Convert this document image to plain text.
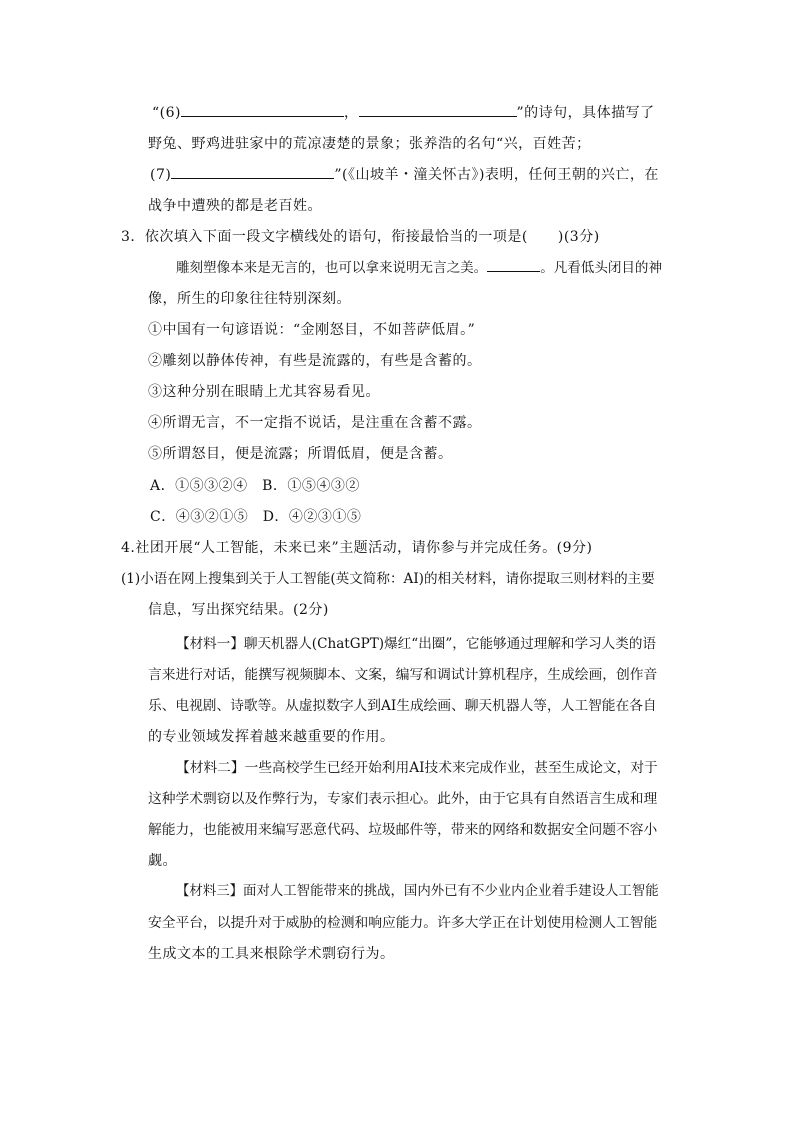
“(6)	，	”的诗句，具体描写了
野兔、野鸡进驻家中的荒凉凄楚的景象；张养浩的名句“兴，百姓苦；
(7)	”(《山坡羊・潼关怀古》)表明，任何王朝的兴亡，在
战争中遭殃的都是老百姓。
3．依次填入下面一段文字横线处的语句，衔接最恰当的一项是( )(3分)
雕刻塑像本来是无言的，也可以拿来说明无言之美。	。凡看低头闭目的神
像，所生的印象往往特别深刻。
①中国有一句谚语说：“金刚怒目，不如菩萨低眉。”
②雕刻以静体传神，有些是流露的，有些是含蓄的。
③这种分别在眼睛上尤其容易看见。
④所谓无言，不一定指不说话，是注重在含蓄不露。
⑤所谓怒目，便是流露；所谓低眉，便是含蓄。
A．①⑤③②④　B．①⑤④③②
C．④③②①⑤　D．④②③①⑤
4.社团开展“人工智能，未来已来”主题活动，请你参与并完成任务。(9分)
(1)小语在网上搜集到关于人工智能(英文简称：AI)的相关材料，请你提取三则材料的主要
信息，写出探究结果。(2分)
【材料一】聊天机器人(ChatGPT)爆红“出圈”，它能够通过理解和学习人类的语
言来进行对话，能撰写视频脚本、文案，编写和调试计算机程序，生成绘画，创作音
乐、电视剧、诗歌等。从虚拟数字人到AI生成绘画、聊天机器人等，人工智能在各自
的专业领域发挥着越来越重要的作用。
【材料二】一些高校学生已经开始利用AI技术来完成作业，甚至生成论文，对于
这种学术剽窃以及作弊行为，专家们表示担心。此外，由于它具有自然语言生成和理
解能力，也能被用来编写恶意代码、垃圾邮件等，带来的网络和数据安全问题不容小
觑。
【材料三】面对人工智能带来的挑战，国内外已有不少业内企业着手建设人工智能
安全平台，以提升对于威胁的检测和响应能力。许多大学正在计划使用检测人工智能
生成文本的工具来根除学术剽窃行为。
